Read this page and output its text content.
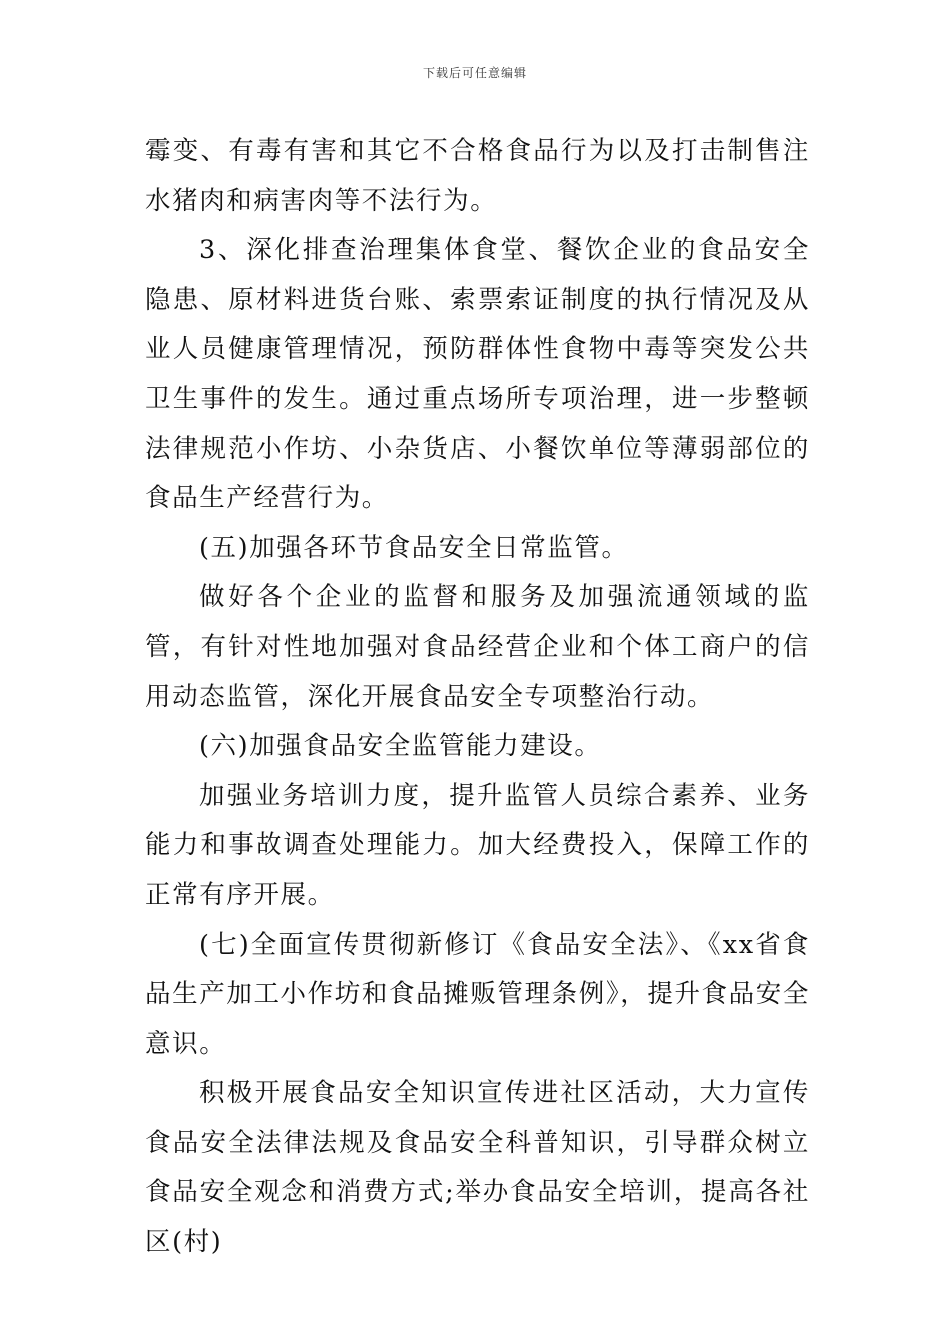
下载后可任意编辑

霉变、有毒有害和其它不合格食品行为以及打击制售注水猪肉和病害肉等不法行为。

3、深化排查治理集体食堂、餐饮企业的食品安全隐患、原材料进货台账、索票索证制度的执行情况及从业人员健康管理情况，预防群体性食物中毒等突发公共卫生事件的发生。通过重点场所专项治理，进一步整顿法律规范小作坊、小杂货店、小餐饮单位等薄弱部位的食品生产经营行为。

(五)加强各环节食品安全日常监管。

做好各个企业的监督和服务及加强流通领域的监管，有针对性地加强对食品经营企业和个体工商户的信用动态监管，深化开展食品安全专项整治行动。

(六)加强食品安全监管能力建设。

加强业务培训力度，提升监管人员综合素养、业务能力和事故调查处理能力。加大经费投入，保障工作的正常有序开展。

(七)全面宣传贯彻新修订《食品安全法》、《xx省食品生产加工小作坊和食品摊贩管理条例》，提升食品安全意识。

积极开展食品安全知识宣传进社区活动，大力宣传食品安全法律法规及食品安全科普知识，引导群众树立食品安全观念和消费方式;举办食品安全培训，提高各社区(村)
